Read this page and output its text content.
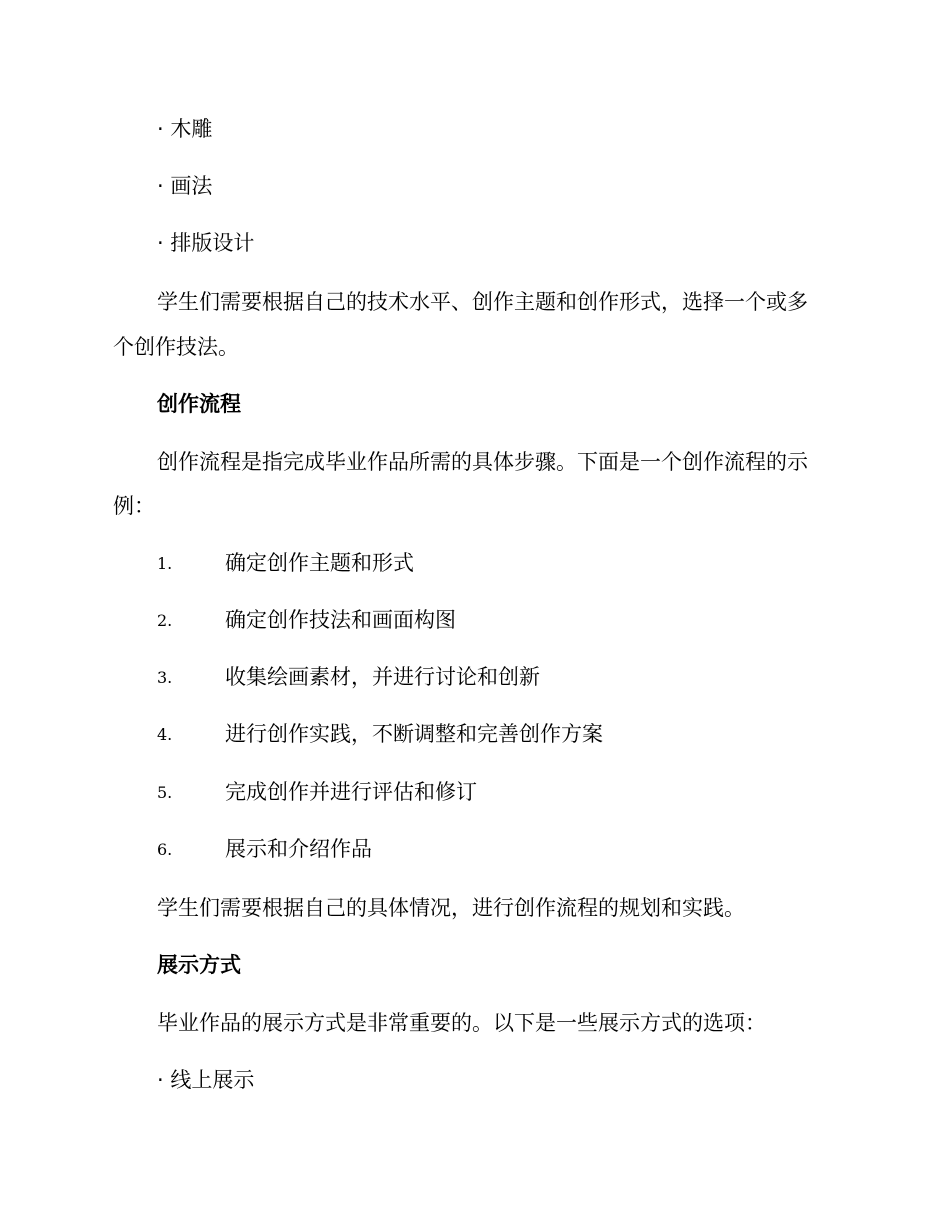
· 木雕
· 画法
· 排版设计
学生们需要根据自己的技术水平、创作主题和创作形式，选择一个或多
个创作技法。
创作流程
创作流程是指完成毕业作品所需的具体步骤。下面是一个创作流程的示
例：
1.	确定创作主题和形式
2.	确定创作技法和画面构图
3.	收集绘画素材，并进行讨论和创新
4.	进行创作实践，不断调整和完善创作方案
5.	完成创作并进行评估和修订
6.	展示和介绍作品
学生们需要根据自己的具体情况，进行创作流程的规划和实践。
展示方式
毕业作品的展示方式是非常重要的。以下是一些展示方式的选项：
· 线上展示
